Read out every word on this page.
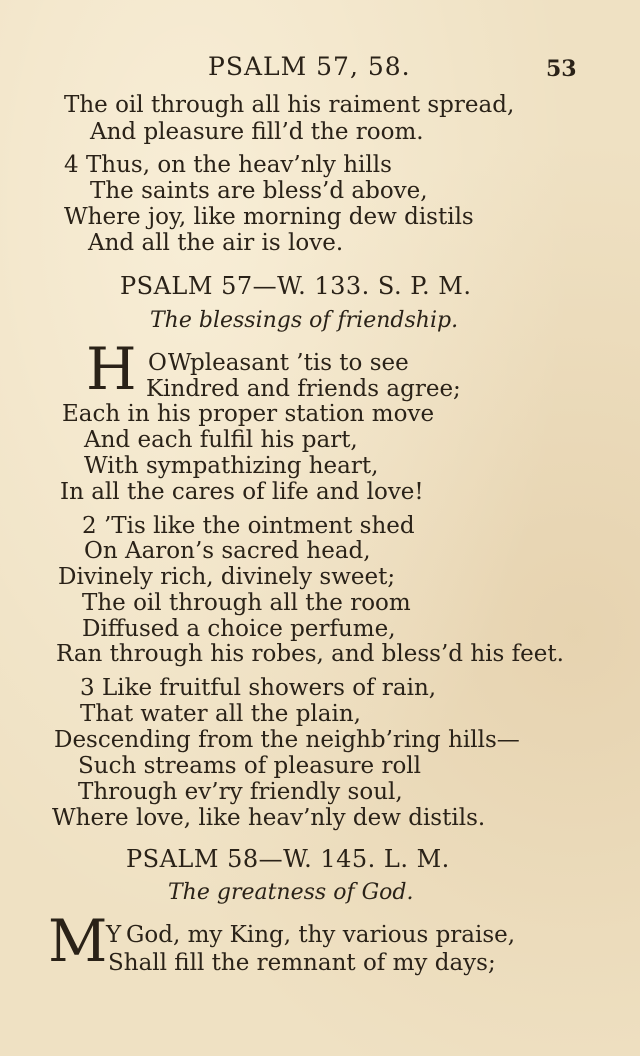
PSALM 57, 58.	53
The oil through all his raiment spread,
And pleasure fill’d the room.
4 Thus, on the heav’nly hills
The saints are bless’d above,
Where joy, like morning dew distils
And all the air is love.
PSALM 57—W. 133. S. P. M.
The blessings of friendship.
H OW
pleasant ’tis to see
Kindred and friends agree;
Each in his proper station move
And each fulfil his part,
With sympathizing heart,
In all the cares of life and love!
2 ’Tis like the ointment shed
On Aaron’s sacred head,
Divinely rich, divinely sweet;
The oil through all the room
Diffused a choice perfume,
Ran through his robes, and bless’d his feet.
3 Like fruitful showers of rain,
That water all the plain,
Descending from the neighb’ring hills—
Such streams of pleasure roll
Through ev’ry friendly soul,
Where love, like heav’nly dew distils.
PSALM 58—W. 145. L. M.
The greatness of God.
M
Y God, my King, thy various praise,
Shall fill the remnant of my days;
